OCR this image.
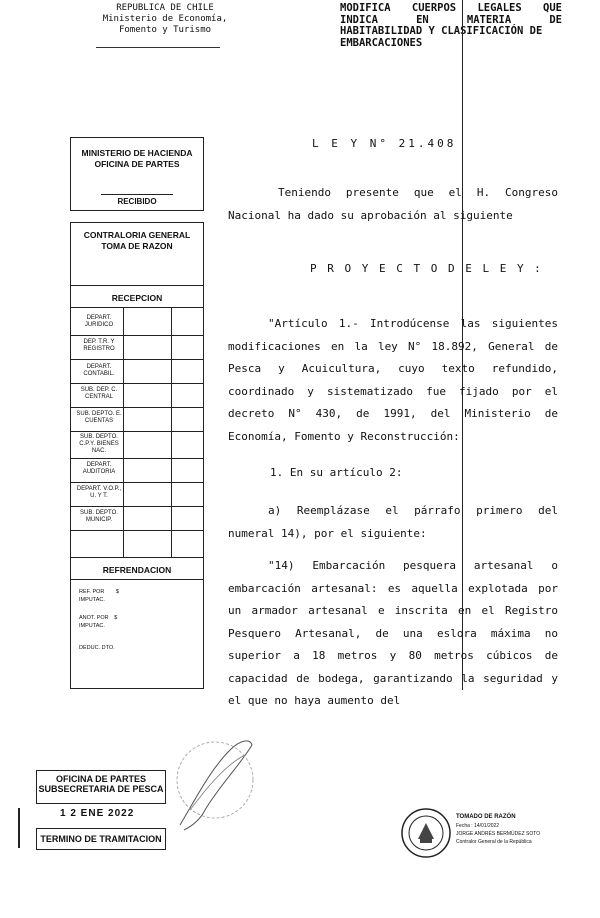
REPUBLICA DE CHILE
Ministerio de Economía,
Fomento y Turismo
MODIFICA CUERPOS LEGALES QUE
INDICA	EN	MATERIA	DE
HABITABILIDAD Y CLASIFICACIÓN DE
EMBARCACIONES
L E Y N° 21.408
Teniendo presente que el H. Congreso Nacional ha dado su aprobación al siguiente
P R O Y E C T O D E L E Y :
"Artículo 1.- Introdúcense las siguientes modificaciones en la ley N° 18.892, General de Pesca y Acuicultura, cuyo texto refundido, coordinado y sistematizado fue fijado por el decreto N° 430, de 1991, del Ministerio de Economía, Fomento y Reconstrucción:
1. En su artículo 2:
a) Reemplázase el párrafo primero del numeral 14), por el siguiente:
"14) Embarcación pesquera artesanal o embarcación artesanal: es aquella explotada por un armador artesanal e inscrita en el Registro Pesquero Artesanal, de una eslora máxima no superior a 18 metros y 80 metros cúbicos de capacidad de bodega, garantizando la seguridad y el que no haya aumento del
MINISTERIO DE HACIENDA
OFICINA DE PARTES
RECIBIDO
CONTRALORIA GENERAL
TOMA DE RAZON
RECEPCION
DEPART. JURIDICO
DEP. T.R. Y REGISTRO
DEPART. CONTABIL.
SUB. DEP. C. CENTRAL
SUB. DEPTO. E. CUENTAS
SUB. DEPTO. C.P.Y. BIENES NAC.
DEPART. AUDITORIA
DEPART. V.O.P., U. Y T.
SUB. DEPTO. MUNICIP.
REFRENDACION
REF. POR $
IMPUTAC.
ANOT. POR $
IMPUTAC.
DEDUC. DTO.
OFICINA DE PARTES
SUBSECRETARIA DE PESCA
1 2 ENE 2022
TERMINO DE TRAMITACION
TOMADO DE RAZÓN
Fecha : 14/01/2022
JORGE ANDRÉS BERMÚDEZ SOTO
Contralor General de la República
